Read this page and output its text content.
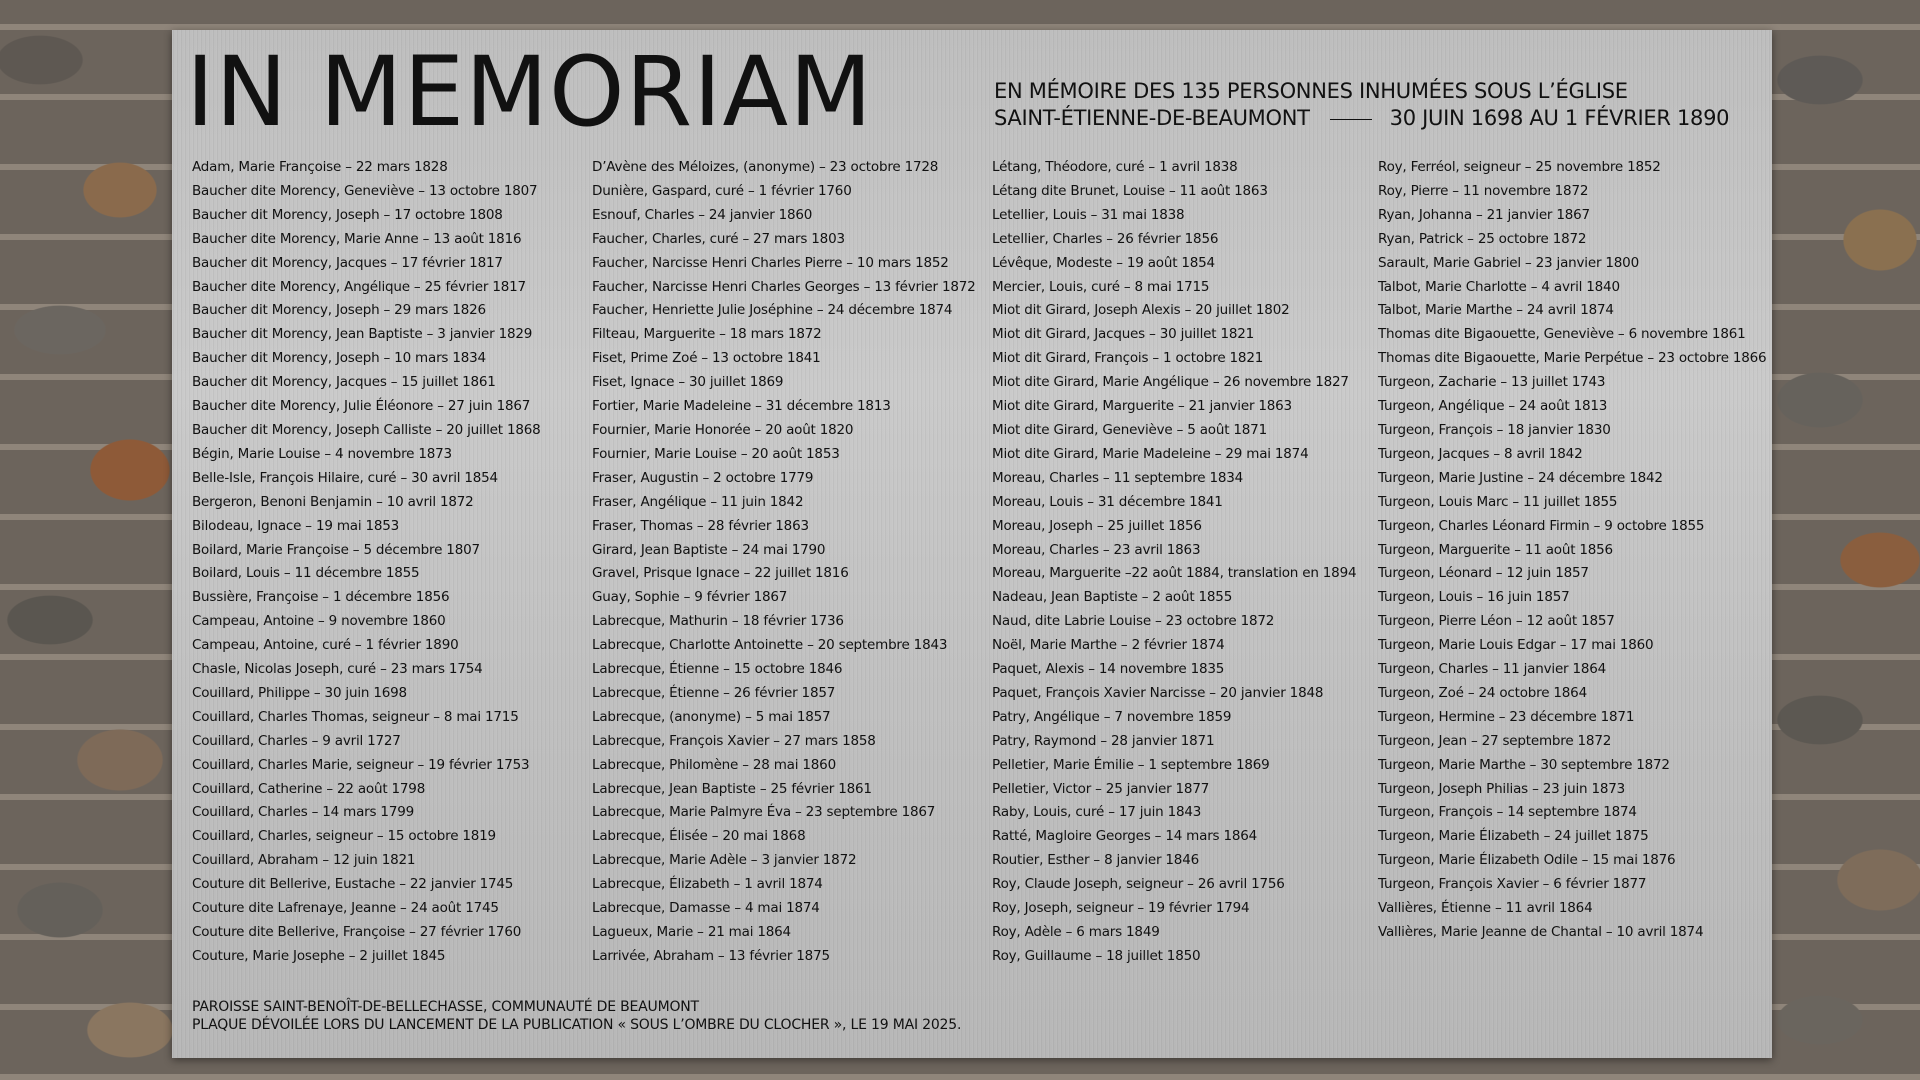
IN MEMORIAM	EN MÉMOIRE DES 135 PERSONNES INHUMÉES SOUS L’ÉGLISE
SAINT-ÉTIENNE-DE-BEAUMONT	30 JUIN 1698 AU 1 FÉVRIER 1890
Adam, Marie Françoise – 22 mars 1828
Baucher dite Morency, Geneviève – 13 octobre 1807
Baucher dit Morency, Joseph – 17 octobre 1808
Baucher dite Morency, Marie Anne – 13 août 1816
Baucher dit Morency, Jacques – 17 février 1817
Baucher dite Morency, Angélique – 25 février 1817
Baucher dit Morency, Joseph – 29 mars 1826
Baucher dit Morency, Jean Baptiste – 3 janvier 1829
Baucher dit Morency, Joseph – 10 mars 1834
Baucher dit Morency, Jacques – 15 juillet 1861
Baucher dite Morency, Julie Éléonore – 27 juin 1867
Baucher dit Morency, Joseph Calliste – 20 juillet 1868
Bégin, Marie Louise – 4 novembre 1873
Belle-Isle, François Hilaire, curé – 30 avril 1854
Bergeron, Benoni Benjamin – 10 avril 1872
Bilodeau, Ignace – 19 mai 1853
Boilard, Marie Françoise – 5 décembre 1807
Boilard, Louis – 11 décembre 1855
Bussière, Françoise – 1 décembre 1856
Campeau, Antoine – 9 novembre 1860
Campeau, Antoine, curé – 1 février 1890
Chasle, Nicolas Joseph, curé – 23 mars 1754
Couillard, Philippe – 30 juin 1698
Couillard, Charles Thomas, seigneur – 8 mai 1715
Couillard, Charles – 9 avril 1727
Couillard, Charles Marie, seigneur – 19 février 1753
Couillard, Catherine – 22 août 1798
Couillard, Charles – 14 mars 1799
Couillard, Charles, seigneur – 15 octobre 1819
Couillard, Abraham – 12 juin 1821
Couture dit Bellerive, Eustache – 22 janvier 1745
Couture dite Lafrenaye, Jeanne – 24 août 1745
Couture dite Bellerive, Françoise – 27 février 1760
Couture, Marie Josephe – 2 juillet 1845
D’Avène des Méloizes, (anonyme) – 23 octobre 1728
Dunière, Gaspard, curé – 1 février 1760
Esnouf, Charles – 24 janvier 1860
Faucher, Charles, curé – 27 mars 1803
Faucher, Narcisse Henri Charles Pierre – 10 mars 1852
Faucher, Narcisse Henri Charles Georges – 13 février 1872
Faucher, Henriette Julie Joséphine – 24 décembre 1874
Filteau, Marguerite – 18 mars 1872
Fiset, Prime Zoé – 13 octobre 1841
Fiset, Ignace – 30 juillet 1869
Fortier, Marie Madeleine – 31 décembre 1813
Fournier, Marie Honorée – 20 août 1820
Fournier, Marie Louise – 20 août 1853
Fraser, Augustin – 2 octobre 1779
Fraser, Angélique – 11 juin 1842
Fraser, Thomas – 28 février 1863
Girard, Jean Baptiste – 24 mai 1790
Gravel, Prisque Ignace – 22 juillet 1816
Guay, Sophie – 9 février 1867
Labrecque, Mathurin – 18 février 1736
Labrecque, Charlotte Antoinette – 20 septembre 1843
Labrecque, Étienne – 15 octobre 1846
Labrecque, Étienne – 26 février 1857
Labrecque, (anonyme) – 5 mai 1857
Labrecque, François Xavier – 27 mars 1858
Labrecque, Philomène – 28 mai 1860
Labrecque, Jean Baptiste – 25 février 1861
Labrecque, Marie Palmyre Éva – 23 septembre 1867
Labrecque, Élisée – 20 mai 1868
Labrecque, Marie Adèle – 3 janvier 1872
Labrecque, Élizabeth – 1 avril 1874
Labrecque, Damasse – 4 mai 1874
Lagueux, Marie – 21 mai 1864
Larrivée, Abraham – 13 février 1875
Létang, Théodore, curé – 1 avril 1838
Létang dite Brunet, Louise – 11 août 1863
Letellier, Louis – 31 mai 1838
Letellier, Charles – 26 février 1856
Lévêque, Modeste – 19 août 1854
Mercier, Louis, curé – 8 mai 1715
Miot dit Girard, Joseph Alexis – 20 juillet 1802
Miot dit Girard, Jacques – 30 juillet 1821
Miot dit Girard, François – 1 octobre 1821
Miot dite Girard, Marie Angélique – 26 novembre 1827
Miot dite Girard, Marguerite – 21 janvier 1863
Miot dite Girard, Geneviève – 5 août 1871
Miot dite Girard, Marie Madeleine – 29 mai 1874
Moreau, Charles – 11 septembre 1834
Moreau, Louis – 31 décembre 1841
Moreau, Joseph – 25 juillet 1856
Moreau, Charles – 23 avril 1863
Moreau, Marguerite –22 août 1884, translation en 1894
Nadeau, Jean Baptiste – 2 août 1855
Naud, dite Labrie Louise – 23 octobre 1872
Noël, Marie Marthe – 2 février 1874
Paquet, Alexis – 14 novembre 1835
Paquet, François Xavier Narcisse – 20 janvier 1848
Patry, Angélique – 7 novembre 1859
Patry, Raymond – 28 janvier 1871
Pelletier, Marie Émilie – 1 septembre 1869
Pelletier, Victor – 25 janvier 1877
Raby, Louis, curé – 17 juin 1843
Ratté, Magloire Georges – 14 mars 1864
Routier, Esther – 8 janvier 1846
Roy, Claude Joseph, seigneur – 26 avril 1756
Roy, Joseph, seigneur – 19 février 1794
Roy, Adèle – 6 mars 1849
Roy, Guillaume – 18 juillet 1850
Roy, Ferréol, seigneur – 25 novembre 1852
Roy, Pierre – 11 novembre 1872
Ryan, Johanna – 21 janvier 1867
Ryan, Patrick – 25 octobre 1872
Sarault, Marie Gabriel – 23 janvier 1800
Talbot, Marie Charlotte – 4 avril 1840
Talbot, Marie Marthe – 24 avril 1874
Thomas dite Bigaouette, Geneviève – 6 novembre 1861
Thomas dite Bigaouette, Marie Perpétue – 23 octobre 1866
Turgeon, Zacharie – 13 juillet 1743
Turgeon, Angélique – 24 août 1813
Turgeon, François – 18 janvier 1830
Turgeon, Jacques – 8 avril 1842
Turgeon, Marie Justine – 24 décembre 1842
Turgeon, Louis Marc – 11 juillet 1855
Turgeon, Charles Léonard Firmin – 9 octobre 1855
Turgeon, Marguerite – 11 août 1856
Turgeon, Léonard – 12 juin 1857
Turgeon, Louis – 16 juin 1857
Turgeon, Pierre Léon – 12 août 1857
Turgeon, Marie Louis Edgar – 17 mai 1860
Turgeon, Charles – 11 janvier 1864
Turgeon, Zoé – 24 octobre 1864
Turgeon, Hermine – 23 décembre 1871
Turgeon, Jean – 27 septembre 1872
Turgeon, Marie Marthe – 30 septembre 1872
Turgeon, Joseph Philias – 23 juin 1873
Turgeon, François – 14 septembre 1874
Turgeon, Marie Élizabeth – 24 juillet 1875
Turgeon, Marie Élizabeth Odile – 15 mai 1876
Turgeon, François Xavier – 6 février 1877
Vallières, Étienne – 11 avril 1864
Vallières, Marie Jeanne de Chantal – 10 avril 1874
PAROISSE SAINT-BENOÎT-DE-BELLECHASSE, COMMUNAUTÉ DE BEAUMONT
PLAQUE DÉVOILÉE LORS DU LANCEMENT DE LA PUBLICATION « SOUS L’OMBRE DU CLOCHER », LE 19 MAI 2025.
